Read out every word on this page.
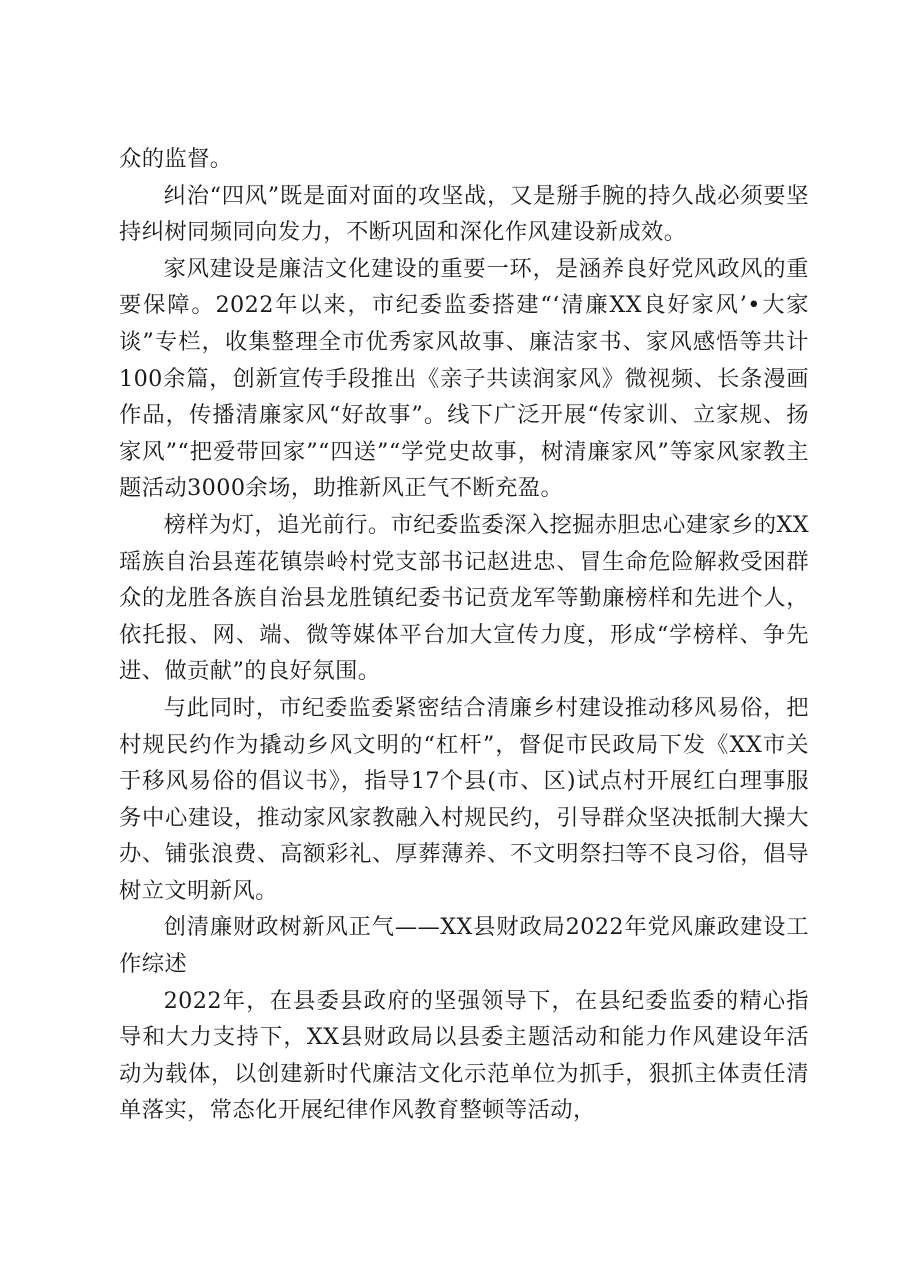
众的监督。

纠治“四风”既是面对面的攻坚战，又是掰手腕的持久战必须要坚持纠树同频同向发力，不断巩固和深化作风建设新成效。

家风建设是廉洁文化建设的重要一环，是涵养良好党风政风的重要保障。2022年以来，市纪委监委搭建“‘清廉XX良好家风’•大家谈”专栏，收集整理全市优秀家风故事、廉洁家书、家风感悟等共计100余篇，创新宣传手段推出《亲子共读润家风》微视频、长条漫画作品，传播清廉家风“好故事”。线下广泛开展“传家训、立家规、扬家风”“把爱带回家”“四送”“学党史故事，树清廉家风”等家风家教主题活动3000余场，助推新风正气不断充盈。

榜样为灯，追光前行。市纪委监委深入挖掘赤胆忠心建家乡的XX瑶族自治县莲花镇崇岭村党支部书记赵进忠、冒生命危险解救受困群众的龙胜各族自治县龙胜镇纪委书记贲龙军等勤廉榜样和先进个人，依托报、网、端、微等媒体平台加大宣传力度，形成“学榜样、争先进、做贡献”的良好氛围。

与此同时，市纪委监委紧密结合清廉乡村建设推动移风易俗，把村规民约作为撬动乡风文明的“杠杆”，督促市民政局下发《XX市关于移风易俗的倡议书》，指导17个县(市、区)试点村开展红白理事服务中心建设，推动家风家教融入村规民约，引导群众坚决抵制大操大办、铺张浪费、高额彩礼、厚葬薄养、不文明祭扫等不良习俗，倡导树立文明新风。

创清廉财政树新风正气——XX县财政局2022年党风廉政建设工作综述

2022年，在县委县政府的坚强领导下，在县纪委监委的精心指导和大力支持下，XX县财政局以县委主题活动和能力作风建设年活动为载体，以创建新时代廉洁文化示范单位为抓手，狠抓主体责任清单落实，常态化开展纪律作风教育整顿等活动，
